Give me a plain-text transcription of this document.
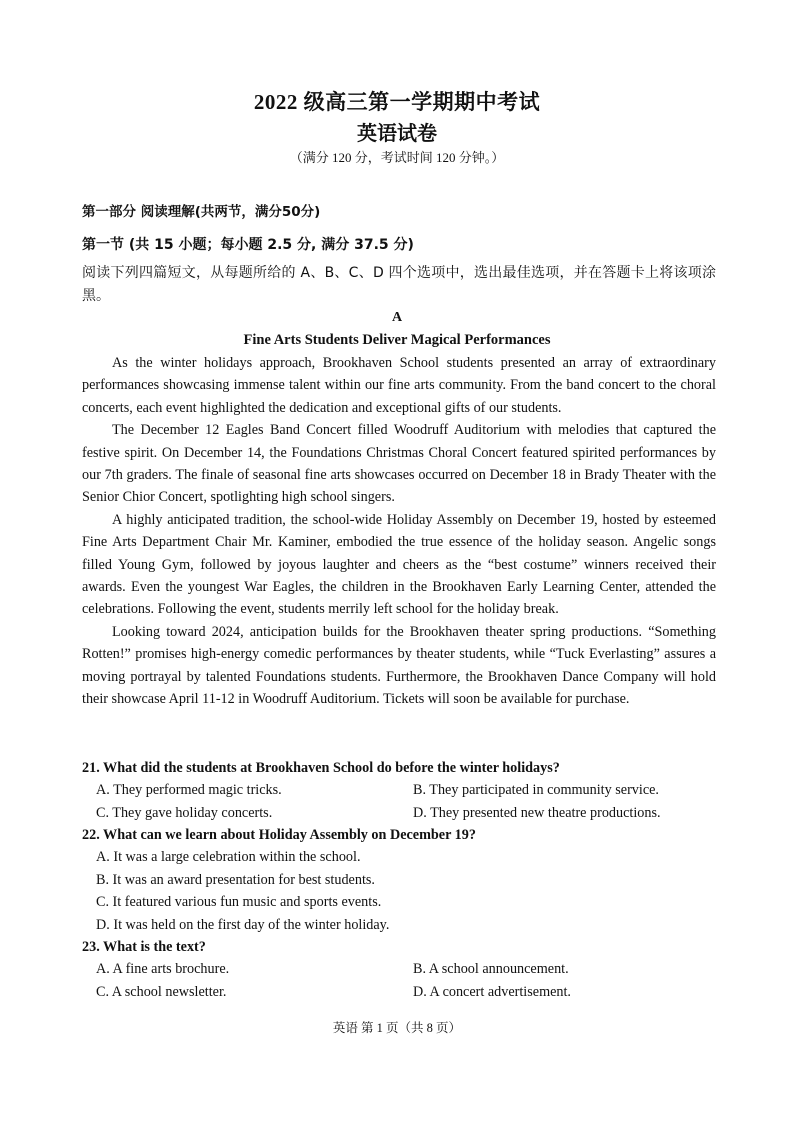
2022 级高三第一学期期中考试
英语试卷
（满分 120 分，考试时间 120 分钟。）
第一部分 阅读理解(共两节，满分50分)
第一节 (共 15 小题；每小题 2.5 分, 满分 37.5 分)
阅读下列四篇短文，从每题所给的 A、B、C、D 四个选项中，选出最佳选项，并在答题卡上将该项涂黑。
A
Fine Arts Students Deliver Magical Performances

As the winter holidays approach, Brookhaven School students presented an array of extraordinary performances showcasing immense talent within our fine arts community. From the band concert to the choral concerts, each event highlighted the dedication and exceptional gifts of our students.

The December 12 Eagles Band Concert filled Woodruff Auditorium with melodies that captured the festive spirit. On December 14, the Foundations Christmas Choral Concert featured spirited performances by our 7th graders. The finale of seasonal fine arts showcases occurred on December 18 in Brady Theater with the Senior Chior Concert, spotlighting high school singers.

A highly anticipated tradition, the school-wide Holiday Assembly on December 19, hosted by esteemed Fine Arts Department Chair Mr. Kaminer, embodied the true essence of the holiday season. Angelic songs filled Young Gym, followed by joyous laughter and cheers as the “best costume” winners received their awards. Even the youngest War Eagles, the children in the Brookhaven Early Learning Center, attended the celebrations. Following the event, students merrily left school for the holiday break.

Looking toward 2024, anticipation builds for the Brookhaven theater spring productions. “Something Rotten!” promises high-energy comedic performances by theater students, while “Tuck Everlasting” assures a moving portrayal by talented Foundations students. Furthermore, the Brookhaven Dance Company will hold their showcase April 11-12 in Woodruff Auditorium. Tickets will soon be available for purchase.

21. What did the students at Brookhaven School do before the winter holidays?
A. They performed magic tricks.	B. They participated in community service.
C. They gave holiday concerts.	D. They presented new theatre productions.
22. What can we learn about Holiday Assembly on December 19?
A. It was a large celebration within the school.
B. It was an award presentation for best students.
C. It featured various fun music and sports events.
D. It was held on the first day of the winter holiday.
23. What is the text?
A. A fine arts brochure.	B. A school announcement.
C. A school newsletter.	D. A concert advertisement.
英语 第 1 页（共 8 页）
